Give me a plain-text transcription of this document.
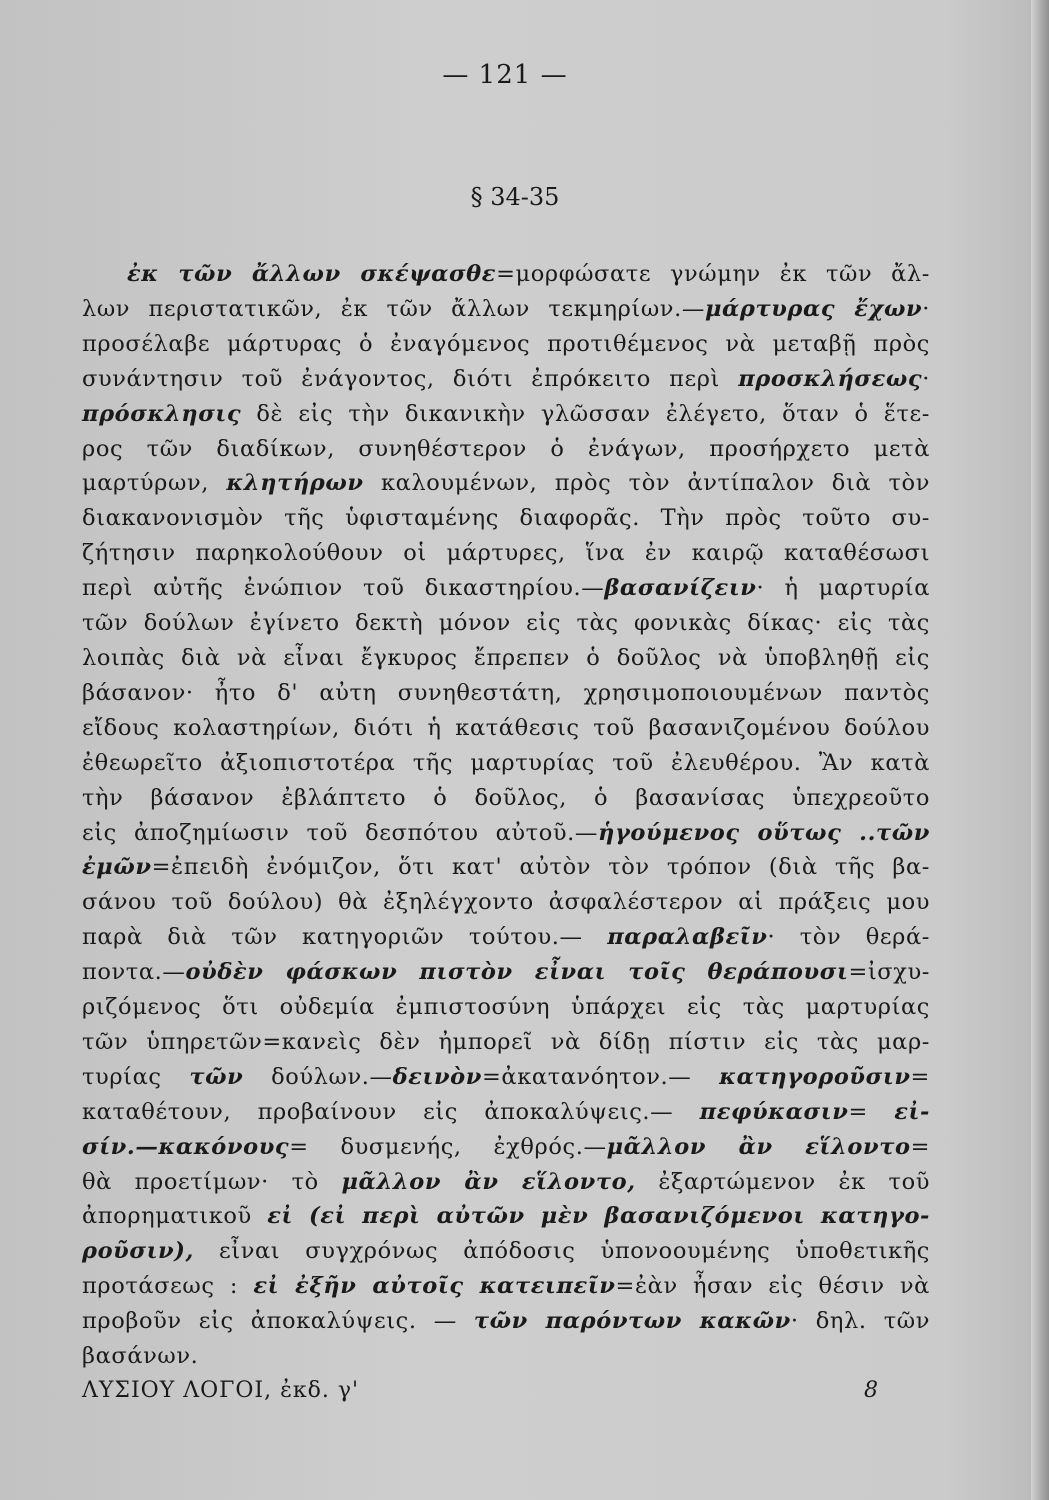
— 121 —
§ 34-35
ἐκ τῶν ἄλλων σκέψασθε=μορφώσατε γνώμην ἐκ τῶν ἄλ-
λων περιστατικῶν, ἐκ τῶν ἄλλων τεκμηρίων.—μάρτυρας ἔχων·
προσέλαβε μάρτυρας ὁ ἐναγόμενος προτιθέμενος νὰ μεταβῇ πρὸς
συνάντησιν τοῦ ἐνάγοντος, διότι ἐπρόκειτο περὶ προσκλήσεως·
πρόσκλησις δὲ εἰς τὴν δικανικὴν γλῶσσαν ἐλέγετο, ὅταν ὁ ἕτε-
ρος τῶν διαδίκων, συνηθέστερον ὁ ἐνάγων, προσήρχετο μετὰ
μαρτύρων, κλητήρων καλουμένων, πρὸς τὸν ἀντίπαλον διὰ τὸν
διακανονισμὸν τῆς ὑφισταμένης διαφορᾶς. Τὴν πρὸς τοῦτο συ-
ζήτησιν παρηκολούθουν οἱ μάρτυρες, ἵνα ἐν καιρῷ καταθέσωσι
περὶ αὐτῆς ἐνώπιον τοῦ δικαστηρίου.—βασανίζειν· ἡ μαρτυρία
τῶν δούλων ἐγίνετο δεκτὴ μόνον εἰς τὰς φονικὰς δίκας· εἰς τὰς
λοιπὰς διὰ νὰ εἶναι ἔγκυρος ἔπρεπεν ὁ δοῦλος νὰ ὑποβληθῇ εἰς
βάσανον· ἦτο δ' αὐτη συνηθεστάτη, χρησιμοποιουμένων παντὸς
εἴδους κολαστηρίων, διότι ἡ κατάθεσις τοῦ βασανιζομένου δούλου
ἐθεωρεῖτο ἀξιοπιστοτέρα τῆς μαρτυρίας τοῦ ἐλευθέρου. Ἂν κατὰ
τὴν βάσανον ἐβλάπτετο ὁ δοῦλος, ὁ βασανίσας ὑπεχρεοῦτο
εἰς ἀποζημίωσιν τοῦ δεσπότου αὐτοῦ.—ἡγούμενος οὕτως ..τῶν
ἐμῶν=ἐπειδὴ ἐνόμιζον, ὅτι κατ' αὐτὸν τὸν τρόπον (διὰ τῆς βα-
σάνου τοῦ δούλου) θὰ ἐξηλέγχοντο ἀσφαλέστερον αἱ πράξεις μου
παρὰ διὰ τῶν κατηγοριῶν τούτου.— παραλαβεῖν· τὸν θερά-
ποντα.—οὐδὲν φάσκων πιστὸν εἶναι τοῖς θεράπουσι=ἰσχυ-
ριζόμενος ὅτι οὐδεμία ἐμπιστοσύνη ὑπάρχει εἰς τὰς μαρτυρίας
τῶν ὑπηρετῶν=κανεὶς δὲν ἠμπορεῖ νὰ δίδῃ πίστιν εἰς τὰς μαρ-
τυρίας τῶν δούλων.—δεινὸν=ἀκατανόητον.— κατηγοροῦσιν=
καταθέτουν, προβαίνουν εἰς ἀποκαλύψεις.— πεφύκασιν= εἰ-
σίν.—κακόνους= δυσμενής, ἐχθρός.—μᾶλλον ἂν εἵλοντο=
θὰ προετίμων· τὸ μᾶλλον ἂν εἵλοντο, ἐξαρτώμενον ἐκ τοῦ
ἀπορηματικοῦ εἰ (εἰ περὶ αὐτῶν μὲν βασανιζόμενοι κατηγο-
ροῦσιν), εἶναι συγχρόνως ἀπόδοσις ὑπονοουμένης ὑποθετικῆς
προτάσεως : εἰ ἐξῆν αὐτοῖς κατειπεῖν=ἐὰν ἦσαν εἰς θέσιν νὰ
προβοῦν εἰς ἀποκαλύψεις. — τῶν παρόντων κακῶν· δηλ. τῶν
βασάνων.
ΛΥΣΙΟΥ ΛΟΓΟΙ, ἐκδ. γ'	8
